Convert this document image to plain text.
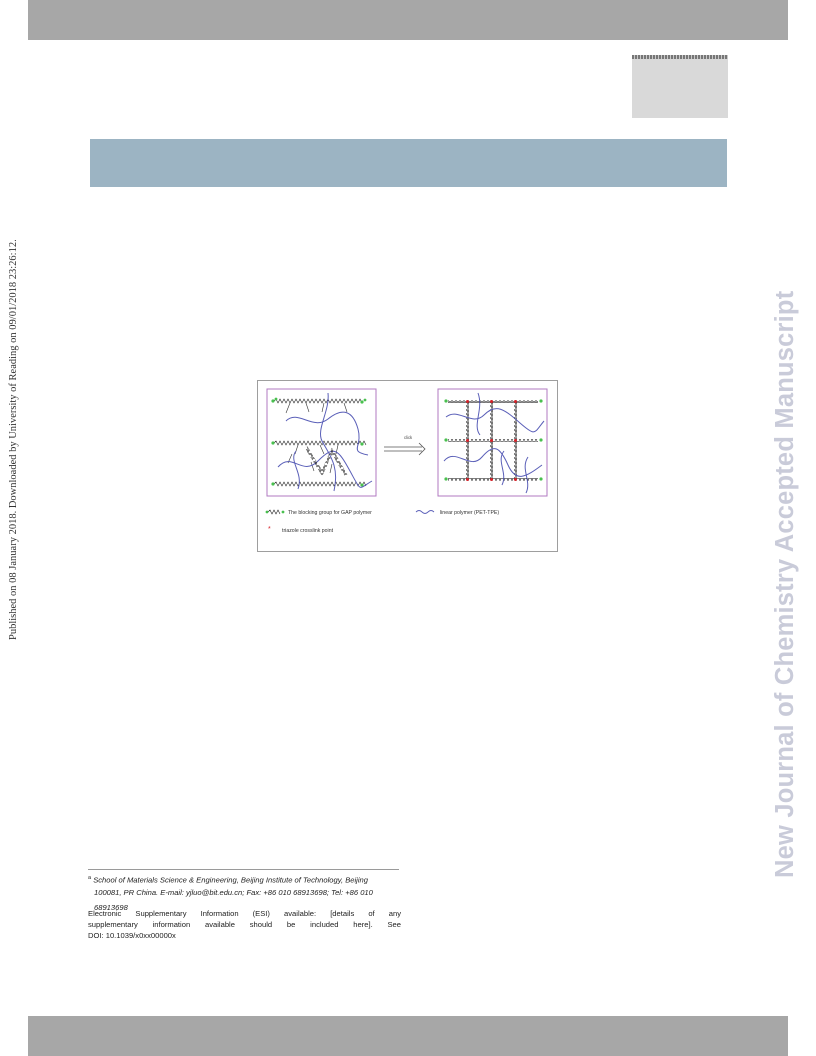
Published on 08 January 2018. Downloaded by University of Reading on 09/01/2018 23:26:12.	New Journal of Chemistry Accepted Manuscript
click
The blocking group for GAP polymer	linear polymer (PET-TPE)
* triazole crosslink point
$^a$ School of Materials Science & Engineering, Beijing Institute of Technology, Beijing
100081, PR China. E-mail: yjluo@bit.edu.cn; Fax: +86 010 68913698; Tel: +86 010
68913698
Electronic Supplementary Information (ESI) available: [details of any
supplementary information available should be included here]. See
DOI: 10.1039/x0xx00000x
